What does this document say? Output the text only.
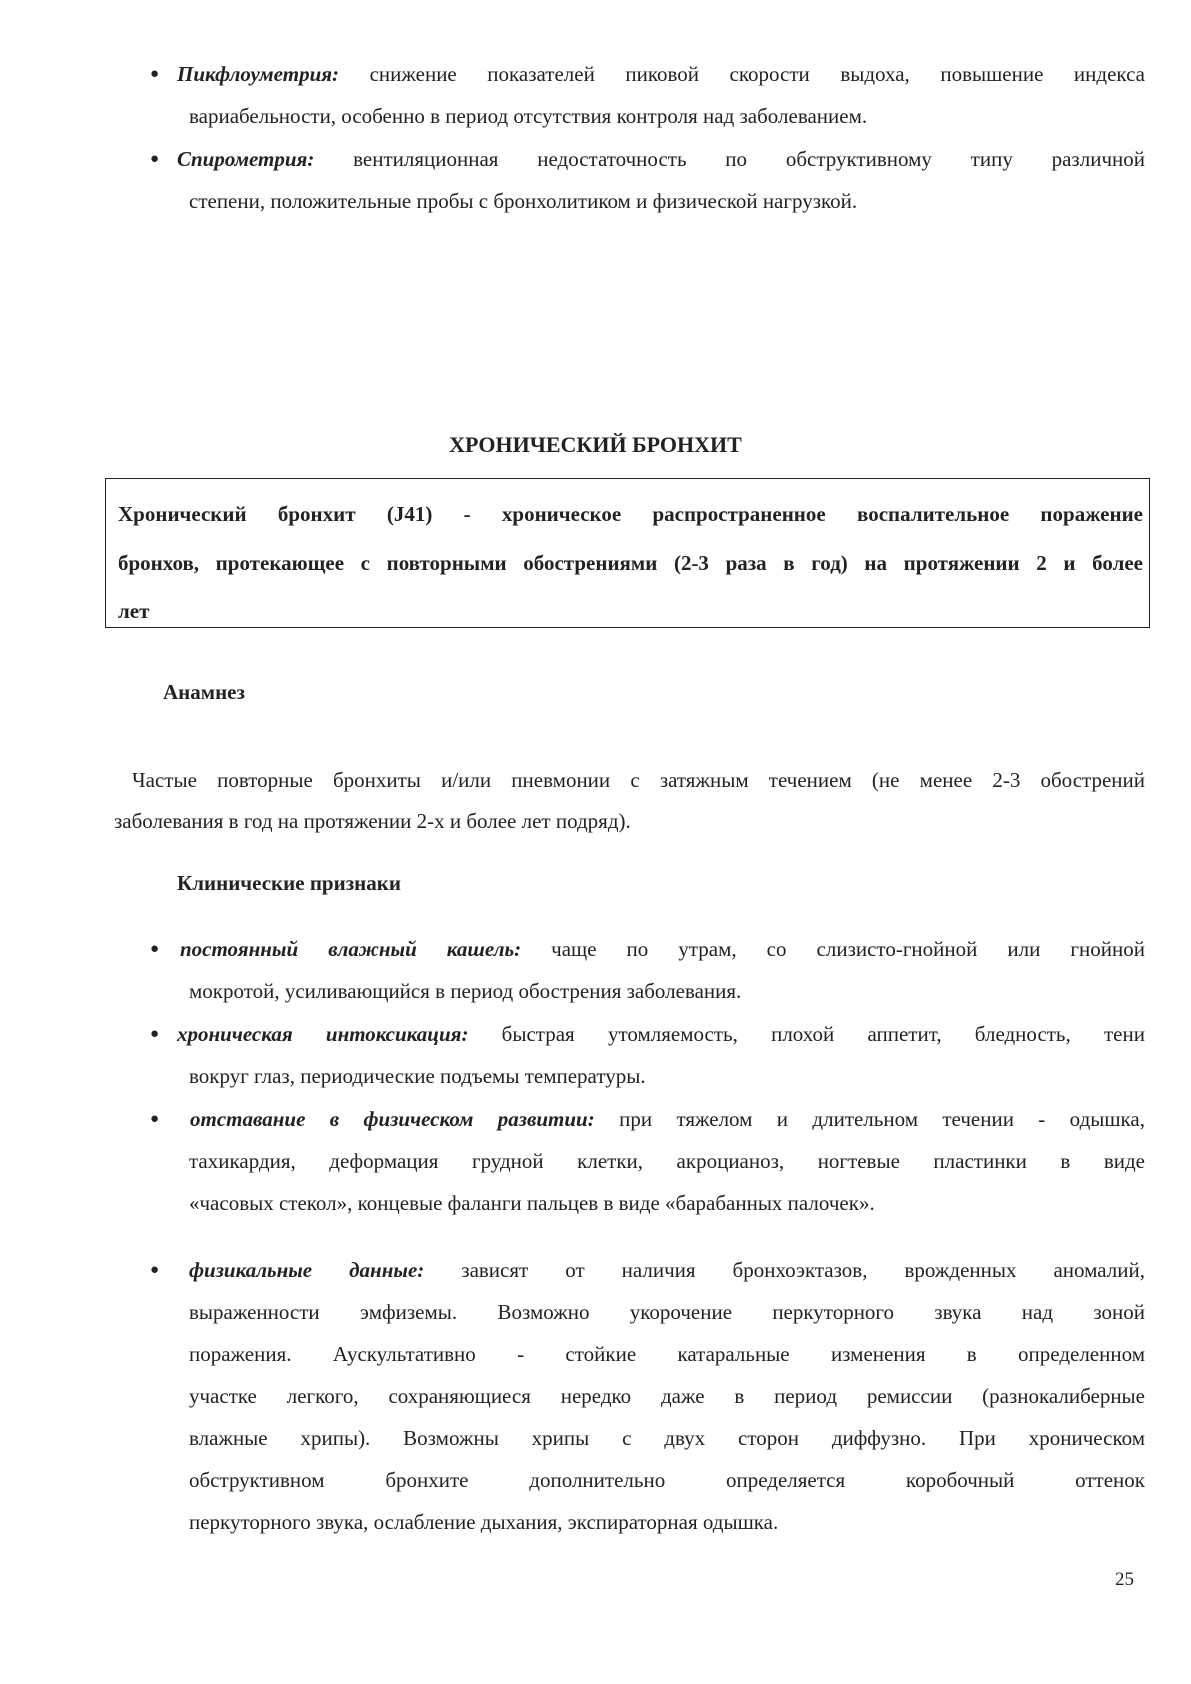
● Пикфлоуметрия: снижение показателей пиковой скорости выдоха, повышение индекса
вариабельности, особенно в период отсутствия контроля над заболеванием.
● Спирометрия: вентиляционная недостаточность по обструктивному типу различной
степени, положительные пробы с бронхолитиком и физической нагрузкой.
ХРОНИЧЕСКИЙ БРОНХИТ
Хронический бронхит (J41) - хроническое распространенное воспалительное поражение
бронхов, протекающее с повторными обострениями (2-3 раза в год) на протяжении 2 и более
лет
Анамнез
Частые повторные бронхиты и/или пневмонии с затяжным течением (не менее 2-3 обострений
заболевания в год на протяжении 2-х и более лет подряд).
Клинические признаки
● постоянный влажный кашель: чаще по утрам, со слизисто-гнойной или гнойной
мокротой, усиливающийся в период обострения заболевания.
● хроническая интоксикация: быстрая утомляемость, плохой аппетит, бледность, тени
вокруг глаз, периодические подъемы температуры.
● отставание в физическом развитии: при тяжелом и длительном течении - одышка,
тахикардия, деформация грудной клетки, акроцианоз, ногтевые пластинки в виде
«часовых стекол», концевые фаланги пальцев в виде «барабанных палочек».
● физикальные данные: зависят от наличия бронхоэктазов, врожденных аномалий,
выраженности эмфиземы. Возможно укорочение перкуторного звука над зоной
поражения. Аускультативно - стойкие катаральные изменения в определенном
участке легкого, сохраняющиеся нередко даже в период ремиссии (разнокалиберные
влажные хрипы). Возможны хрипы с двух сторон диффузно. При хроническом
обструктивном бронхите дополнительно определяется коробочный оттенок
перкуторного звука, ослабление дыхания, экспираторная одышка.
25
